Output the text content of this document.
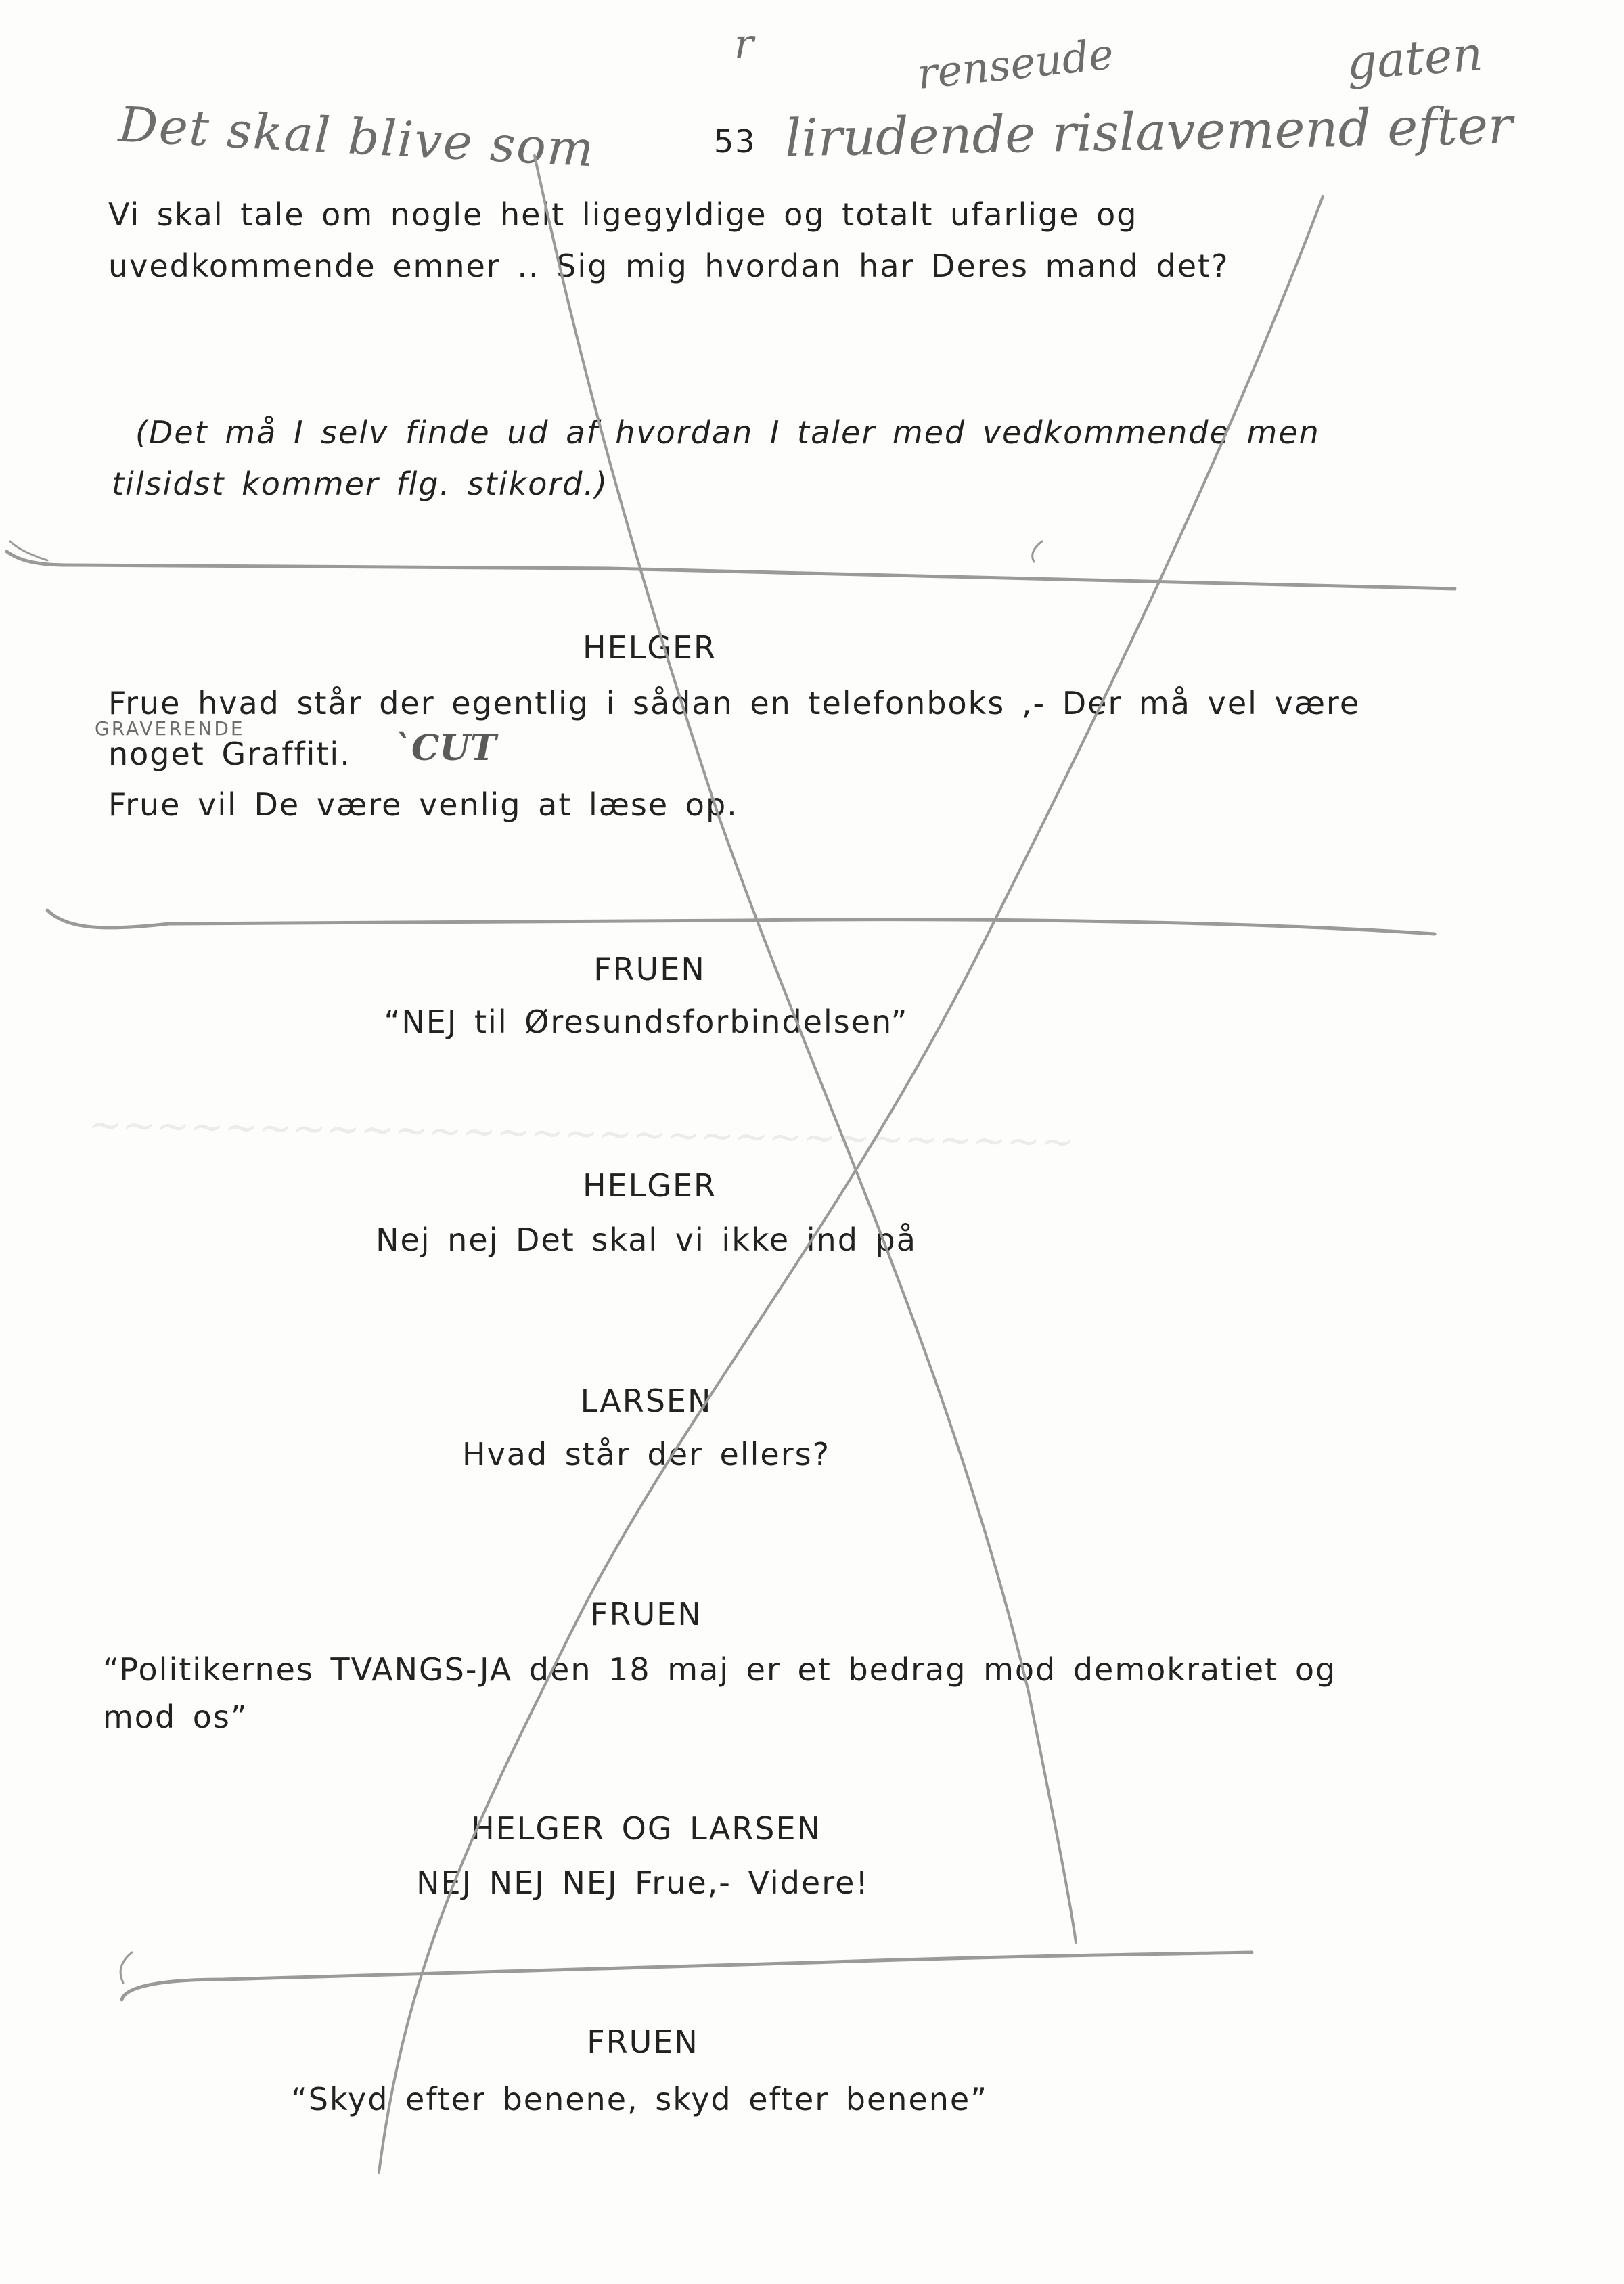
~~~~~~~~~~~~~~~~~~~~~~~~~~~~~
Det skal blive som	53 lirudende rislavemend efter
r	renseude	gaten
Vi skal tale om nogle helt ligegyldige og totalt ufarlige og
uvedkommende emner .. Sig mig hvordan har Deres mand det?
(Det må I selv finde ud af hvordan I taler med vedkommende men
tilsidst kommer flg. stikord.)
HELGER
Frue hvad står der egentlig i sådan en telefonboks ,- Der må vel være
noget Graffiti.
GRAVERENDE	`CUT
Frue vil De være venlig at læse op.
FRUEN
“NEJ til Øresundsforbindelsen”
HELGER
Nej nej Det skal vi ikke ind på
LARSEN
Hvad står der ellers?
FRUEN
“Politikernes TVANGS-JA den 18 maj er et bedrag mod demokratiet og
mod os”
HELGER OG LARSEN
NEJ NEJ NEJ Frue,- Videre!
FRUEN
“Skyd efter benene, skyd efter benene”
